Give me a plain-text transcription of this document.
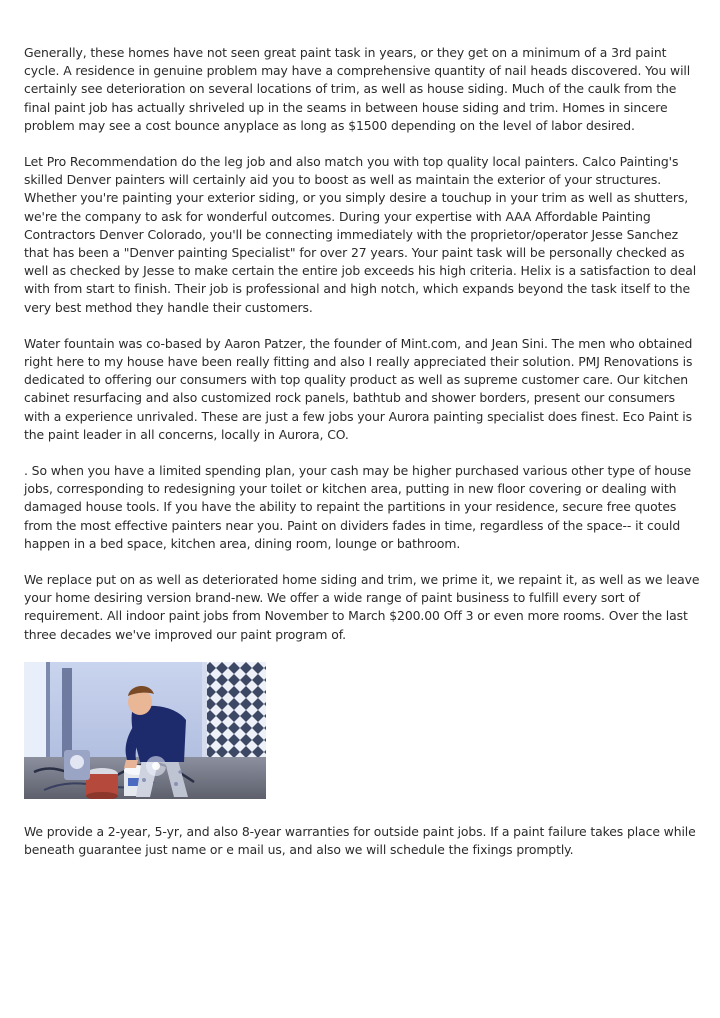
Generally, these homes have not seen great paint task in years, or they get on a minimum of a 3rd paint cycle. A residence in genuine problem may have a comprehensive quantity of nail heads discovered. You will certainly see deterioration on several locations of trim, as well as house siding. Much of the caulk from the final paint job has actually shriveled up in the seams in between house siding and trim. Homes in sincere problem may see a cost bounce anyplace as long as $1500 depending on the level of labor desired.

Let Pro Recommendation do the leg job and also match you with top quality local painters. Calco Painting's skilled Denver painters will certainly aid you to boost as well as maintain the exterior of your structures. Whether you're painting your exterior siding, or you simply desire a touchup in your trim as well as shutters, we're the company to ask for wonderful outcomes. During your expertise with AAA Affordable Painting Contractors Denver Colorado, you'll be connecting immediately with the proprietor/operator Jesse Sanchez that has been a "Denver painting Specialist" for over 27 years. Your paint task will be personally checked as well as checked by Jesse to make certain the entire job exceeds his high criteria. Helix is a satisfaction to deal with from start to finish. Their job is professional and high notch, which expands beyond the task itself to the very best method they handle their customers.

Water fountain was co-based by Aaron Patzer, the founder of Mint.com, and Jean Sini. The men who obtained right here to my house have been really fitting and also I really appreciated their solution. PMJ Renovations is dedicated to offering our consumers with top quality product as well as supreme customer care. Our kitchen cabinet resurfacing and also customized rock panels, bathtub and shower borders, present our consumers with a experience unrivaled. These are just a few jobs your Aurora painting specialist does finest. Eco Paint is the paint leader in all concerns, locally in Aurora, CO.

. So when you have a limited spending plan, your cash may be higher purchased various other type of house jobs, corresponding to redesigning your toilet or kitchen area, putting in new floor covering or dealing with damaged house tools. If you have the ability to repaint the partitions in your residence, secure free quotes from the most effective painters near you. Paint on dividers fades in time, regardless of the space-- it could happen in a bed space, kitchen area, dining room, lounge or bathroom.

We replace put on as well as deteriorated home siding and trim, we prime it, we repaint it, as well as we leave your home desiring version brand-new. We offer a wide range of paint business to fulfill every sort of requirement. All indoor paint jobs from November to March $200.00 Off 3 or even more rooms. Over the last three decades we've improved our paint program of.

We provide a 2-year, 5-yr, and also 8-year warranties for outside paint jobs. If a paint failure takes place while beneath guarantee just name or e mail us, and also we will schedule the fixings promptly.
